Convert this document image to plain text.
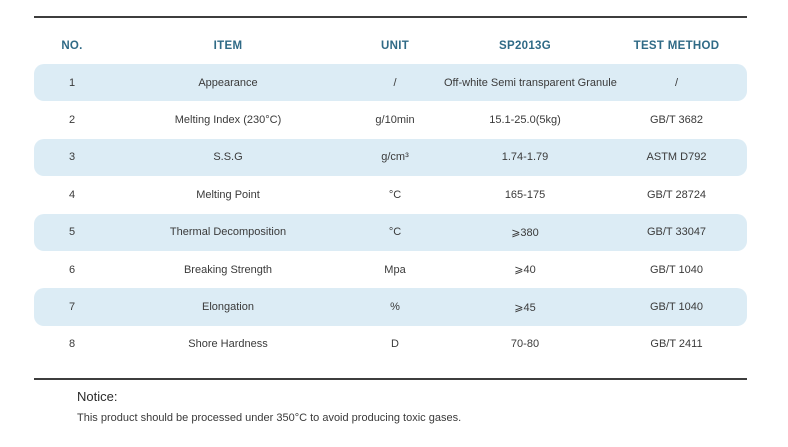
NO.	ITEM	UNIT	SP2013G	TEST METHOD
1	Appearance	/	Off-white Semi transparent Granule	/
2	Melting Index (230°C)	g/10min	15.1-25.0(5kg)	GB/T 3682
3	S.S.G	g/cm³	1.74-1.79	ASTM D792
4	Melting Point	°C	165-175	GB/T 28724
5	Thermal Decomposition	°C	⩾380	GB/T 33047
6	Breaking Strength	Mpa	⩾40	GB/T 1040
7	Elongation	%	⩾45	GB/T 1040
8	Shore Hardness	D	70-80	GB/T 2411
Notice:
This product should be processed under 350°C to avoid producing toxic gases.
